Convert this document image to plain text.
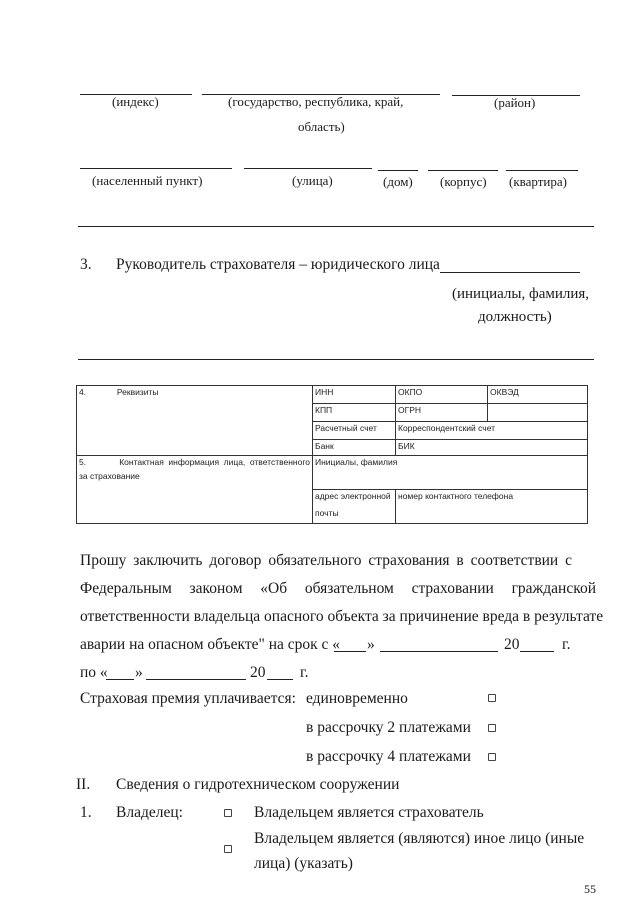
(индекс)	(государство, республика, край,
область)
(район)
(населенный пункт)	(улица)	(дом) (корпус) (квартира)
3. Руководитель страхователя – юридического лица
(инициалы, фамилия,
должность)
4. Реквизиты	ИНН	ОКПО	ОКВЭД
	КПП	ОГРН	
	Расчетный счет	Корреспондентский счет	
	Банк	БИК	

5. Контактная информация лица, ответственного
за страхование	Инициалы, фамилия		

	адрес электронной
почты	номер контактного телефона	
Прошу заключить договор обязательного страхования в соответствии с
Федеральным законом «Об обязательном страховании гражданской
ответственности владельца опасного объекта за причинение вреда в результате
аварии на опасном объекте" на срок с « »	20	г.
по « »	20 г.
Страховая премия уплачивается: единовременно
в рассрочку 2 платежами
в рассрочку 4 платежами
II. Сведения о гидротехническом сооружении
1. Владелец:	Владельцем является страхователь
Владельцем является (являются) иное лицо (иные
лица) (указать)
55
